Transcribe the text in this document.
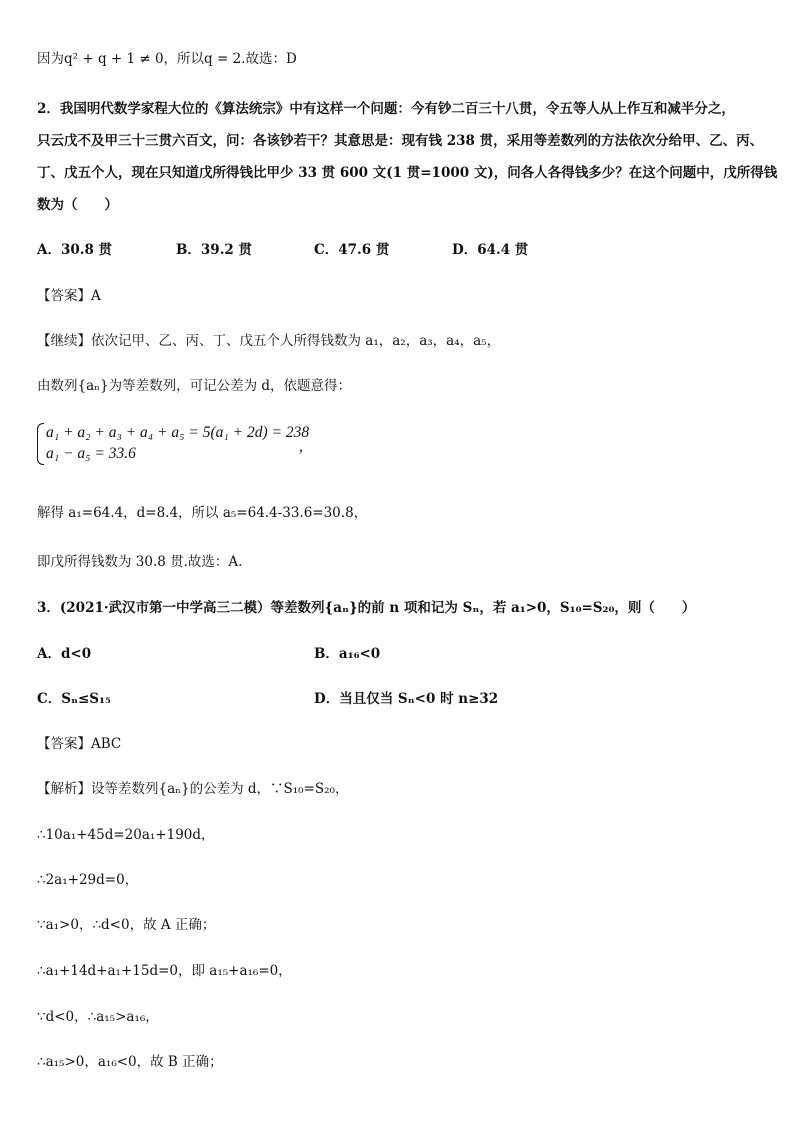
因为q² + q + 1 ≠ 0，所以q = 2.故选：D
2．我国明代数学家程大位的《算法统宗》中有这样一个问题：今有钞二百三十八贯，令五等人从上作互和减半分之，
只云戊不及甲三十三贯六百文，问：各该钞若干？其意思是：现有钱 238 贯，采用等差数列的方法依次分给甲、乙、丙、
丁、戊五个人，现在只知道戊所得钱比甲少 33 贯 600 文(1 贯=1000 文)，问各人各得钱多少？在这个问题中，戊所得钱
数为（　　）
A．30.8 贯	B．39.2 贯	C．47.6 贯	D．64.4 贯
【答案】A
【继续】依次记甲、乙、丙、丁、戊五个人所得钱数为 a₁，a₂，a₃，a₄，a₅，
由数列{aₙ}为等差数列，可记公差为 d，依题意得：
a₁ + a₂ + a₃ + a₄ + a₅ = 5(a₁ + 2d) = 238
a₁ − a₅ = 33.6	,
解得 a₁=64.4，d=8.4，所以 a₅=64.4-33.6=30.8，
即戊所得钱数为 30.8 贯.故选：A.
3．(2021·武汉市第一中学高三二模）等差数列{aₙ}的前 n 项和记为 Sₙ，若 a₁>0，S₁₀=S₂₀，则（　　）
A．d<0	B．a₁₆<0
C．Sₙ≤S₁₅	D．当且仅当 Sₙ<0 时 n≥32
【答案】ABC
【解析】设等差数列{aₙ}的公差为 d，∵S₁₀=S₂₀，
∴10a₁+45d=20a₁+190d，
∴2a₁+29d=0，
∵a₁>0，∴d<0，故 A 正确；
∴a₁+14d+a₁+15d=0，即 a₁₅+a₁₆=0，
∵d<0，∴a₁₅>a₁₆，
∴a₁₅>0，a₁₆<0，故 B 正确；
